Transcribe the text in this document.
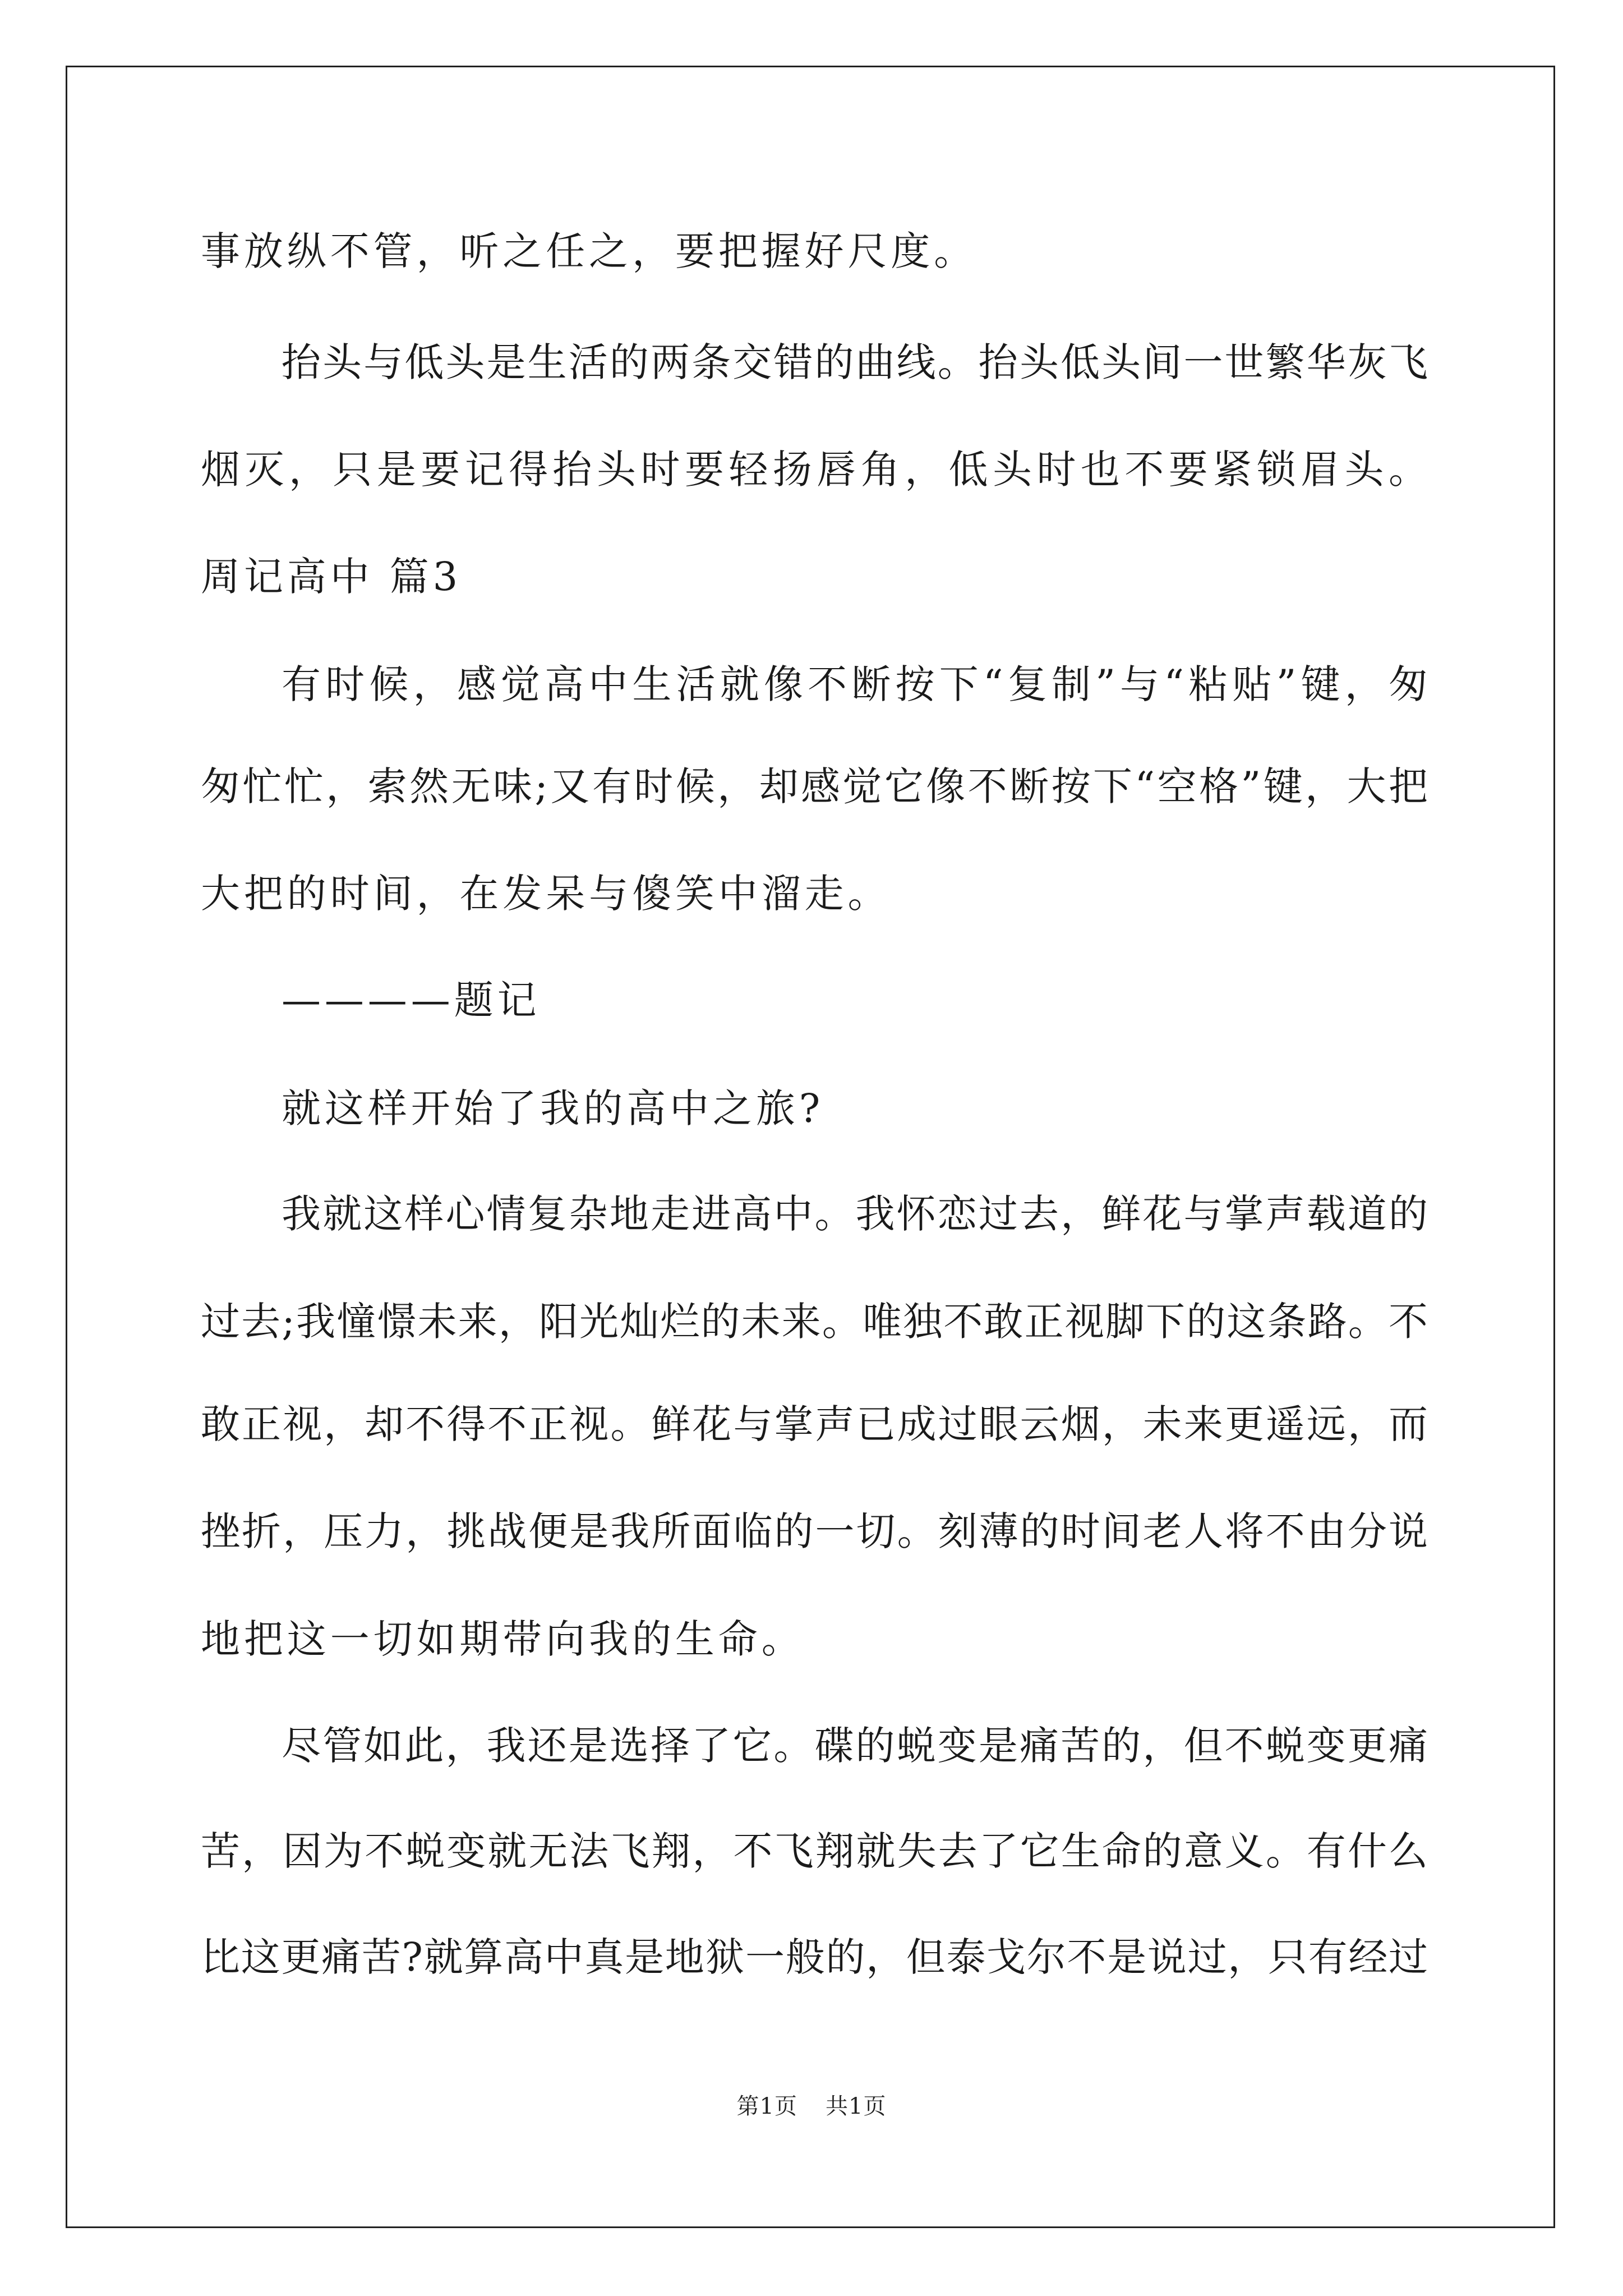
事放纵不管，听之任之，要把握好尺度。
抬头与低头是生活的两条交错的曲线。抬头低头间一世繁华灰飞
烟灭，只是要记得抬头时要轻扬唇角，低头时也不要紧锁眉头。
周记高中 篇3
有时候，感觉高中生活就像不断按下“复制”与“粘贴”键，匆
匆忙忙，索然无味;又有时候，却感觉它像不断按下“空格”键，大把
大把的时间，在发呆与傻笑中溜走。
————题记
就这样开始了我的高中之旅?
我就这样心情复杂地走进高中。我怀恋过去，鲜花与掌声载道的
过去;我憧憬未来，阳光灿烂的未来。唯独不敢正视脚下的这条路。不
敢正视，却不得不正视。鲜花与掌声已成过眼云烟，未来更遥远，而
挫折，压力，挑战便是我所面临的一切。刻薄的时间老人将不由分说
地把这一切如期带向我的生命。
尽管如此，我还是选择了它。碟的蜕变是痛苦的，但不蜕变更痛
苦，因为不蜕变就无法飞翔，不飞翔就失去了它生命的意义。有什么
比这更痛苦?就算高中真是地狱一般的，但泰戈尔不是说过，只有经过
第1页 共1页
